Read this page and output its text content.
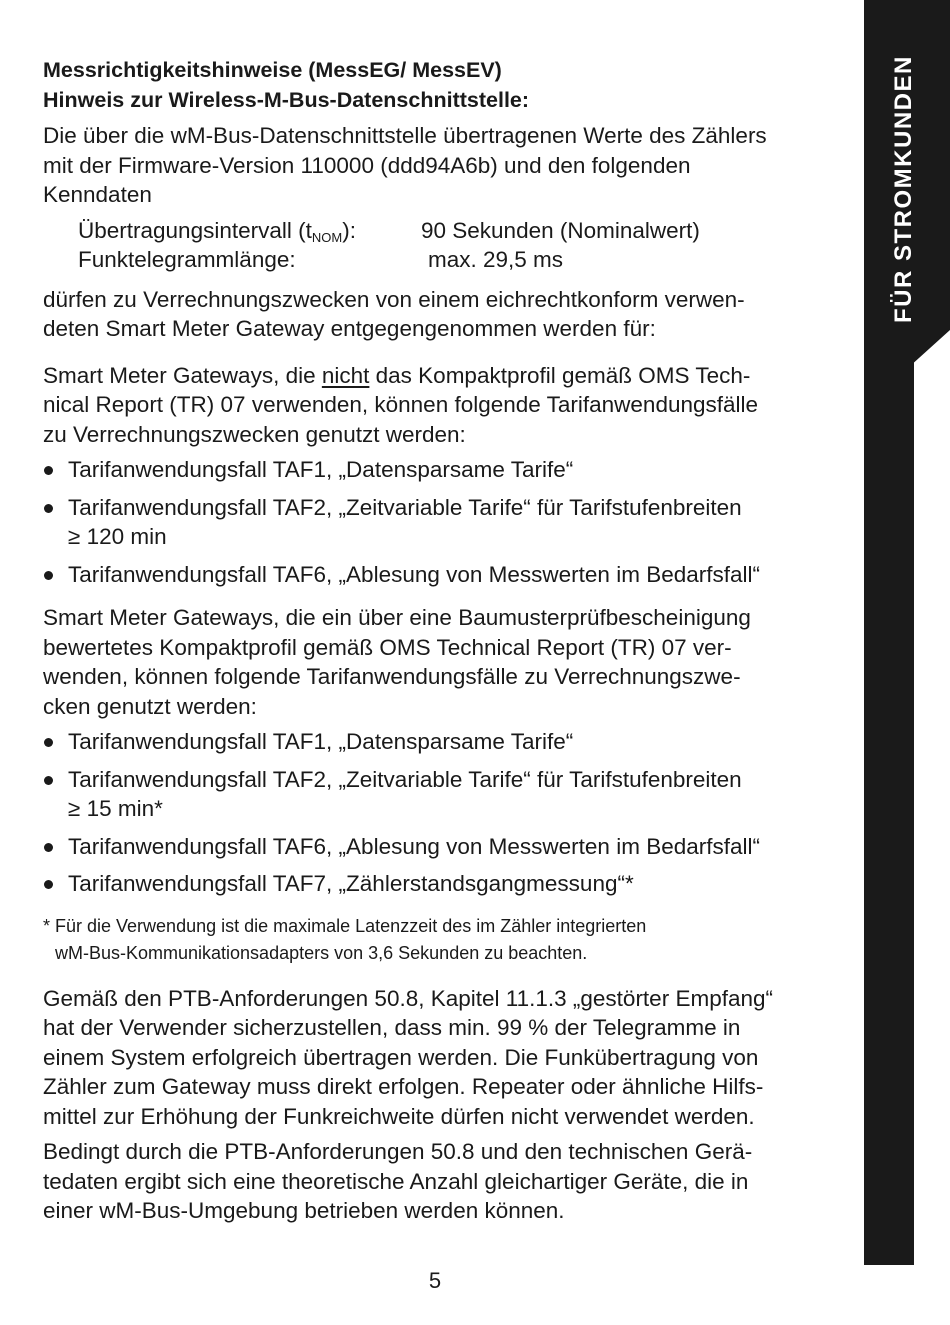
FÜR STROMKUNDEN
Messrichtigkeitshinweise (MessEG/ MessEV)
Hinweis zur Wireless-M-Bus-Datenschnittstelle:

Die über die wM-Bus-Datenschnittstelle übertragenen Werte des Zählers
mit der Firmware-Version 110000 (ddd94A6b) und den folgenden
Kenndaten

Übertragungsintervall $(t_{NOM})$:	90 Sekunden (Nominalwert)
Funktelegrammlänge:	max. 29,5 ms

dürfen zu Verrechnungszwecken von einem eichrechtkonform verwen-
deten Smart Meter Gateway entgegengenommen werden für:

Smart Meter Gateways, die nicht das Kompaktprofil gemäß OMS Tech-
nical Report (TR) 07 verwenden, können folgende Tarifanwendungsfälle
zu Verrechnungszwecken genutzt werden:

Tarifanwendungsfall TAF1, „Datensparsame Tarife“
Tarifanwendungsfall TAF2, „Zeitvariable Tarife“ für Tarifstufenbreiten
≥ 120 min
Tarifanwendungsfall TAF6, „Ablesung von Messwerten im Bedarfsfall“

Smart Meter Gateways, die ein über eine Baumusterprüfbescheinigung
bewertetes Kompaktprofil gemäß OMS Technical Report (TR) 07 ver-
wenden, können folgende Tarifanwendungsfälle zu Verrechnungszwe-
cken genutzt werden:

Tarifanwendungsfall TAF1, „Datensparsame Tarife“
Tarifanwendungsfall TAF2, „Zeitvariable Tarife“ für Tarifstufenbreiten
≥ 15 min*
Tarifanwendungsfall TAF6, „Ablesung von Messwerten im Bedarfsfall“
Tarifanwendungsfall TAF7, „Zählerstandsgangmessung“*

* Für die Verwendung ist die maximale Latenzzeit des im Zähler integrierten
wM-Bus-Kommunikationsadapters von 3,6 Sekunden zu beachten.

Gemäß den PTB-Anforderungen 50.8, Kapitel 11.1.3 „gestörter Empfang“
hat der Verwender sicherzustellen, dass min. 99 % der Telegramme in
einem System erfolgreich übertragen werden. Die Funkübertragung von
Zähler zum Gateway muss direkt erfolgen. Repeater oder ähnliche Hilfs-
mittel zur Erhöhung der Funkreichweite dürfen nicht verwendet werden.

Bedingt durch die PTB-Anforderungen 50.8 und den technischen Gerä-
tedaten ergibt sich eine theoretische Anzahl gleichartiger Geräte, die in
einer wM-Bus-Umgebung betrieben werden können.

5
